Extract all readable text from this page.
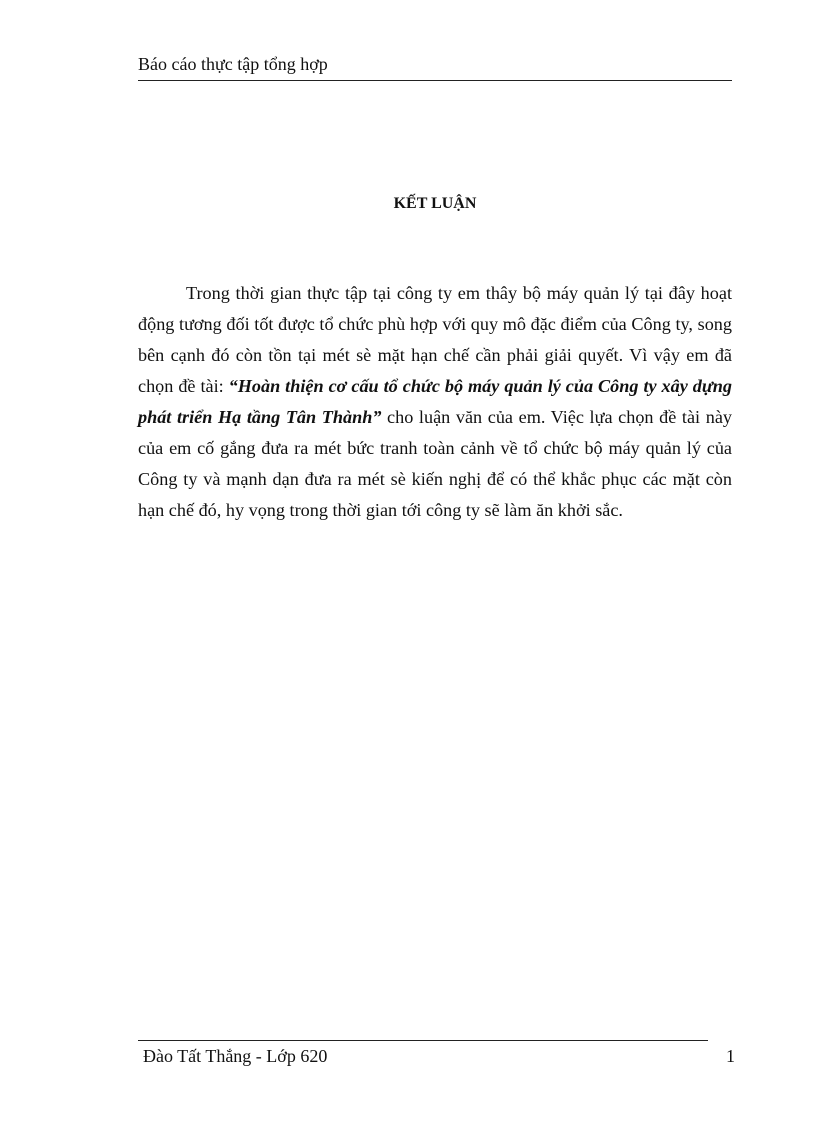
Báo cáo thực tập tổng hợp
KẾT LUẬN

Trong thời gian thực tập tại công ty em thây bộ máy quản lý tại đây hoạt động tương đối tốt được tổ chức phù hợp với quy mô đặc điểm của Công ty, song bên cạnh đó còn tồn tại mét sè mặt hạn chế cần phải giải quyết. Vì vậy em đã chọn đề tài: “Hoàn thiện cơ cấu tổ chức bộ máy quản lý của Công ty xây dựng phát triển Hạ tầng Tân Thành” cho luận văn của em. Việc lựa chọn đề tài này của em cố gắng đưa ra mét bức tranh toàn cảnh về tổ chức bộ máy quản lý của Công ty và mạnh dạn đưa ra mét sè kiến nghị để có thể khắc phục các mặt còn hạn chế đó, hy vọng trong thời gian tới công ty sẽ làm ăn khởi sắc.

Đào Tất Thắng - Lớp 620	1
